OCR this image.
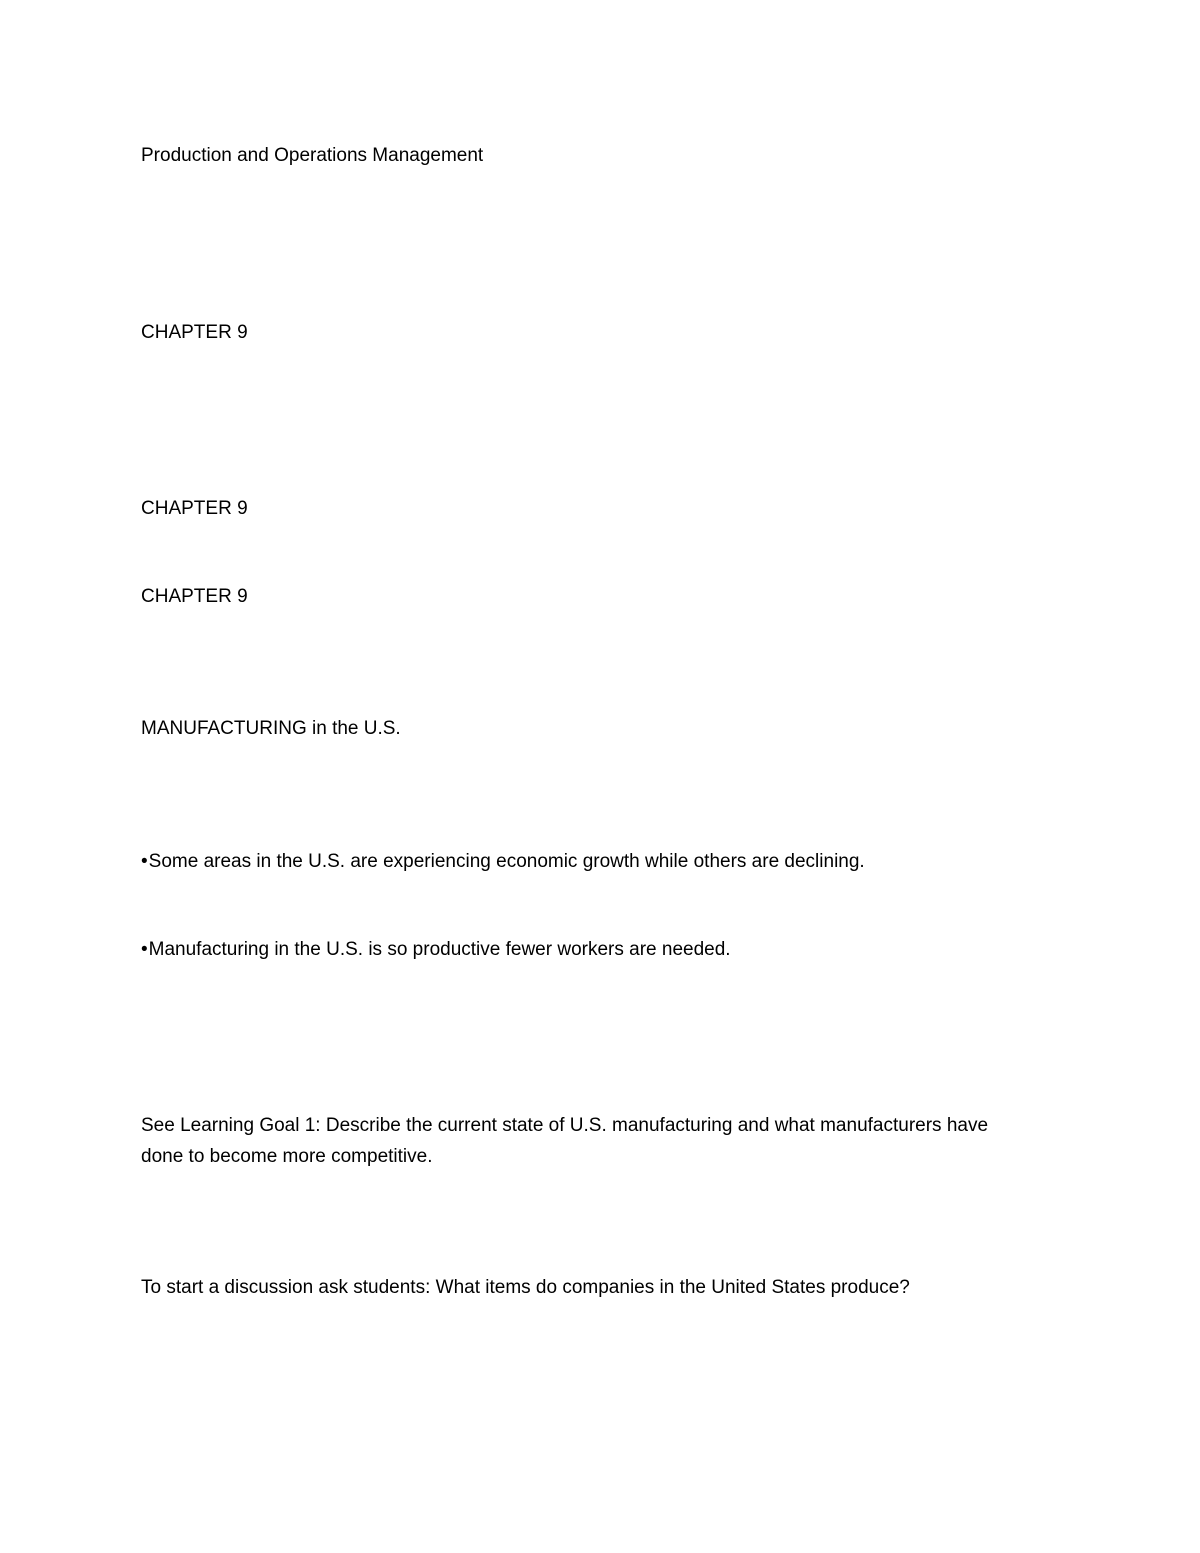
Production and Operations Management
CHAPTER 9
CHAPTER 9
CHAPTER 9
MANUFACTURING in the U.S.
•Some areas in the U.S. are experiencing economic growth while others are declining.
•Manufacturing in the U.S. is so productive fewer workers are needed.
See Learning Goal 1: Describe the current state of U.S. manufacturing and what manufacturers have done to become more competitive.
To start a discussion ask students: What items do companies in the United States produce?
